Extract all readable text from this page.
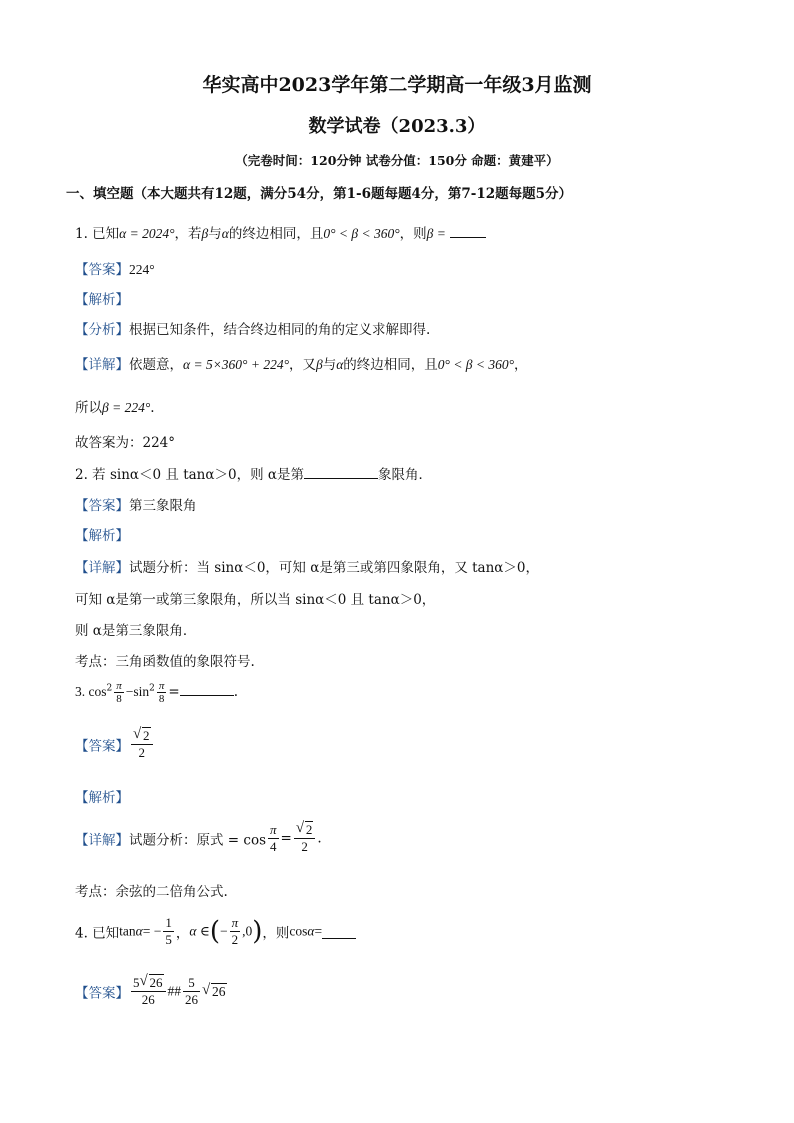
华实高中2023学年第二学期高一年级3月监测
数学试卷（2023.3）
（完卷时间：120分钟 试卷分值：150分 命题：黄建平）
一、填空题（本大题共有12题，满分54分，第1-6题每题4分，第7-12题每题5分）
1. 已知α = 2024°，若β与α的终边相同，且0° < β < 360°，则β =
【答案】224°
【解析】
【分析】根据已知条件，结合终边相同的角的定义求解即得.
【详解】依题意，α = 5×360° + 224°，又β与α的终边相同，且0° < β < 360°，
所以β = 224°.
故答案为：224°
2. 若 sinα＜0 且 tanα＞0，则 α是第	象限角．
【答案】第三象限角
【解析】
【详解】试题分析：当 sinα＜0，可知 α是第三或第四象限角，又 tanα＞0，
可知 α是第一或第三象限角，所以当 sinα＜0 且 tanα＞0，
则 α是第三象限角．
考点：三角函数值的象限符号.
3. $\cos^2 \frac{\pi}{8} -\sin^2 \frac{\pi}{8}$ =	.
【答案】 $\frac{√ 2}{2}$
【解析】
【详解】试题分析：原式 = $\cos \frac{\pi}{4} = \frac{√ 2}{2}$ .
考点：余弦的二倍角公式.
4. 已知$\tan\alpha= - \frac{1}{5}$ ，α ∈(− $\frac{\pi}{2} ,0$)，则cosα=
【答案】 $\frac{5 √ 26}{26}$ ## $\frac{5}{26}$ √ 26
